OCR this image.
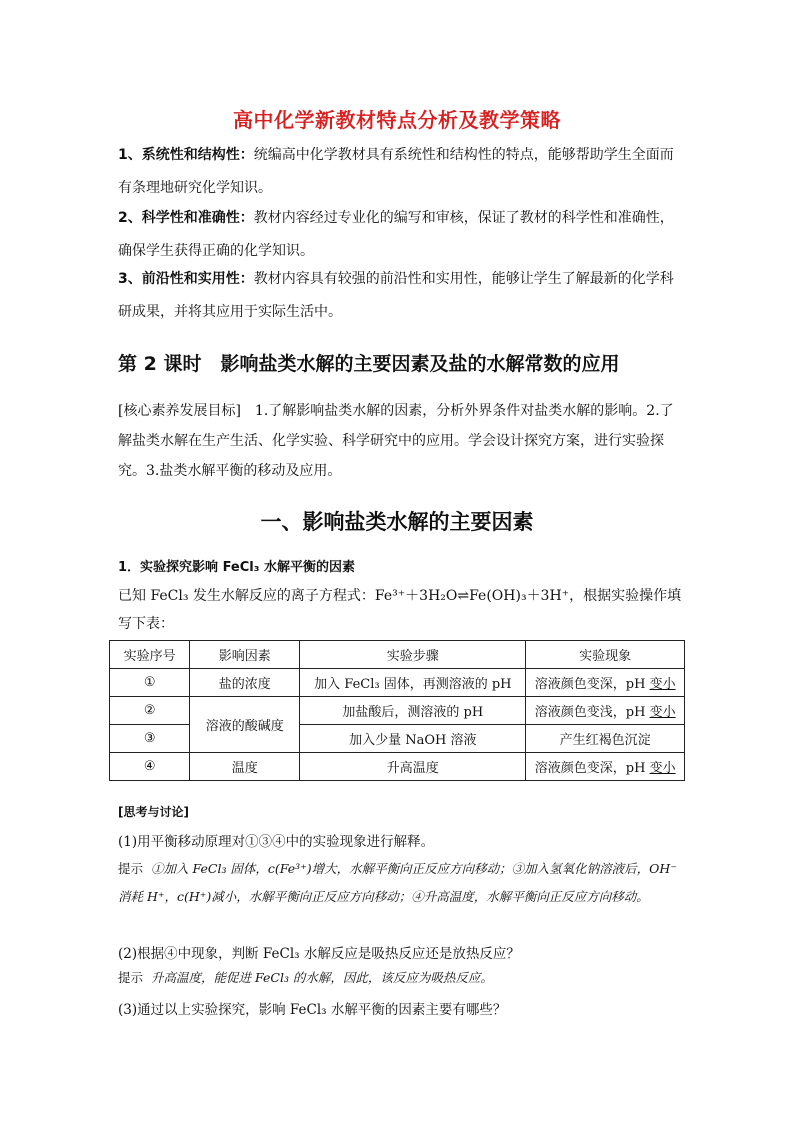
高中化学新教材特点分析及教学策略
1、系统性和结构性：统编高中化学教材具有系统性和结构性的特点，能够帮助学生全面而有条理地研究化学知识。
2、科学性和准确性：教材内容经过专业化的编写和审核，保证了教材的科学性和准确性，确保学生获得正确的化学知识。
3、前沿性和实用性：教材内容具有较强的前沿性和实用性，能够让学生了解最新的化学科研成果，并将其应用于实际生活中。
第 2 课时　影响盐类水解的主要因素及盐的水解常数的应用
[核心素养发展目标]　1.了解影响盐类水解的因素，分析外界条件对盐类水解的影响。2.了解盐类水解在生产生活、化学实验、科学研究中的应用。学会设计探究方案，进行实验探究。3.盐类水解平衡的移动及应用。
一、影响盐类水解的主要因素
1．实验探究影响 FeCl₃ 水解平衡的因素
已知 FeCl₃ 发生水解反应的离子方程式：Fe³⁺＋3H₂O⇌Fe(OH)₃＋3H⁺，根据实验操作填写下表：
实验序号	影响因素	实验步骤	实验现象
①	盐的浓度	加入 FeCl₃ 固体，再测溶液的 pH	溶液颜色变深，pH 变小
②	溶液的酸碱度	加盐酸后，测溶液的 pH	溶液颜色变浅，pH 变小
③		加入少量 NaOH 溶液	产生红褐色沉淀
④	温度	升高温度	溶液颜色变深，pH 变小
[思考与讨论]
(1)用平衡移动原理对①③④中的实验现象进行解释。
提示 ①加入 FeCl₃ 固体，c(Fe³⁺)增大，水解平衡向正反应方向移动；③加入氢氧化钠溶液后，OH⁻消耗 H⁺，c(H⁺)减小，水解平衡向正反应方向移动；④升高温度，水解平衡向正反应方向移动。
(2)根据④中现象，判断 FeCl₃ 水解反应是吸热反应还是放热反应？
提示 升高温度，能促进 FeCl₃ 的水解，因此，该反应为吸热反应。
(3)通过以上实验探究，影响 FeCl₃ 水解平衡的因素主要有哪些？
